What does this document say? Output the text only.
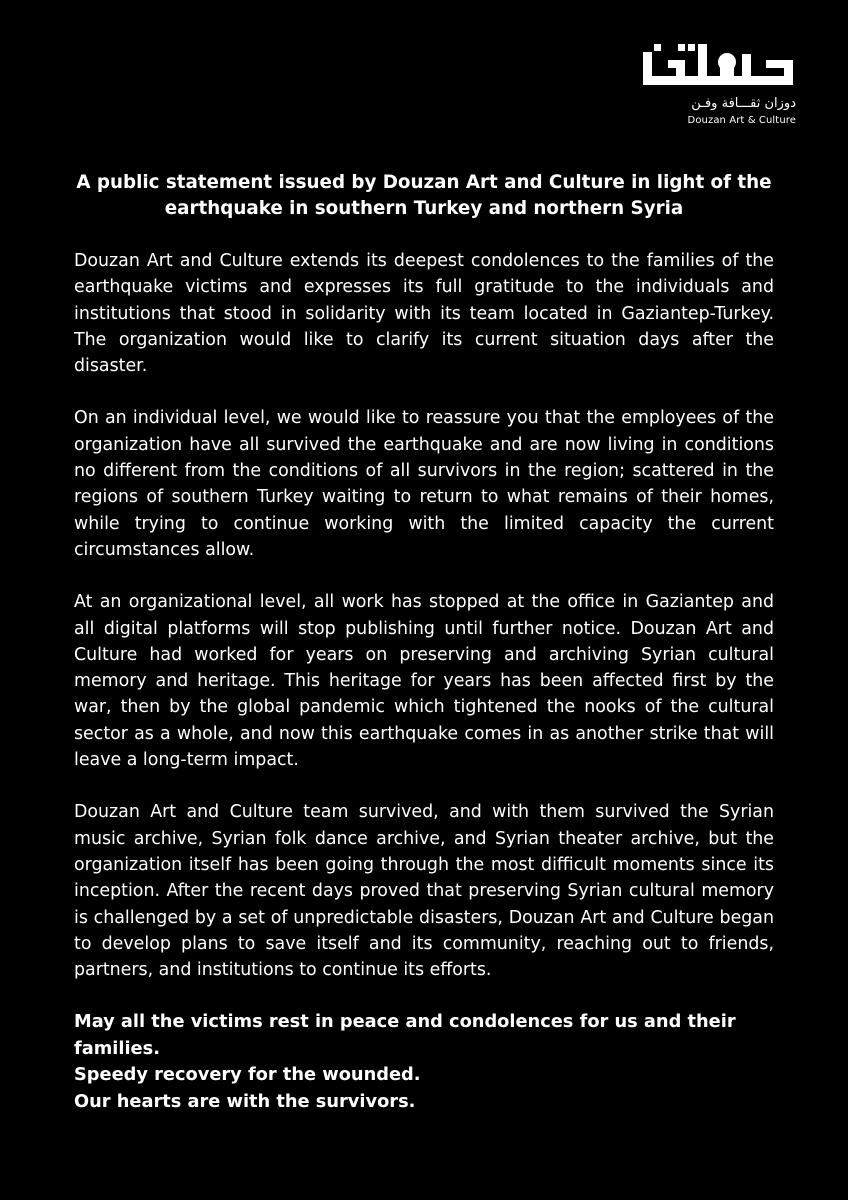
دوزان ثقـــافة وفـن
Douzan Art & Culture
A public statement issued by Douzan Art and Culture in light of the earthquake in southern Turkey and northern Syria

Douzan Art and Culture extends its deepest condolences to the families of the earthquake victims and expresses its full gratitude to the individuals and institutions that stood in solidarity with its team located in Gaziantep-Turkey. The organization would like to clarify its current situation days after the disaster.

On an individual level, we would like to reassure you that the employees of the organization have all survived the earthquake and are now living in conditions no different from the conditions of all survivors in the region; scattered in the regions of southern Turkey waiting to return to what remains of their homes, while trying to continue working with the limited capacity the current circumstances allow.

At an organizational level, all work has stopped at the office in Gaziantep and all digital platforms will stop publishing until further notice. Douzan Art and Culture had worked for years on preserving and archiving Syrian cultural memory and heritage. This heritage for years has been affected first by the war, then by the global pandemic which tightened the nooks of the cultural sector as a whole, and now this earthquake comes in as another strike that will leave a long-term impact.

Douzan Art and Culture team survived, and with them survived the Syrian music archive, Syrian folk dance archive, and Syrian theater archive, but the organization itself has been going through the most difficult moments since its inception. After the recent days proved that preserving Syrian cultural memory is challenged by a set of unpredictable disasters, Douzan Art and Culture began to develop plans to save itself and its community, reaching out to friends, partners, and institutions to continue its efforts.

May all the victims rest in peace and condolences for us and their families.
Speedy recovery for the wounded.
Our hearts are with the survivors.
